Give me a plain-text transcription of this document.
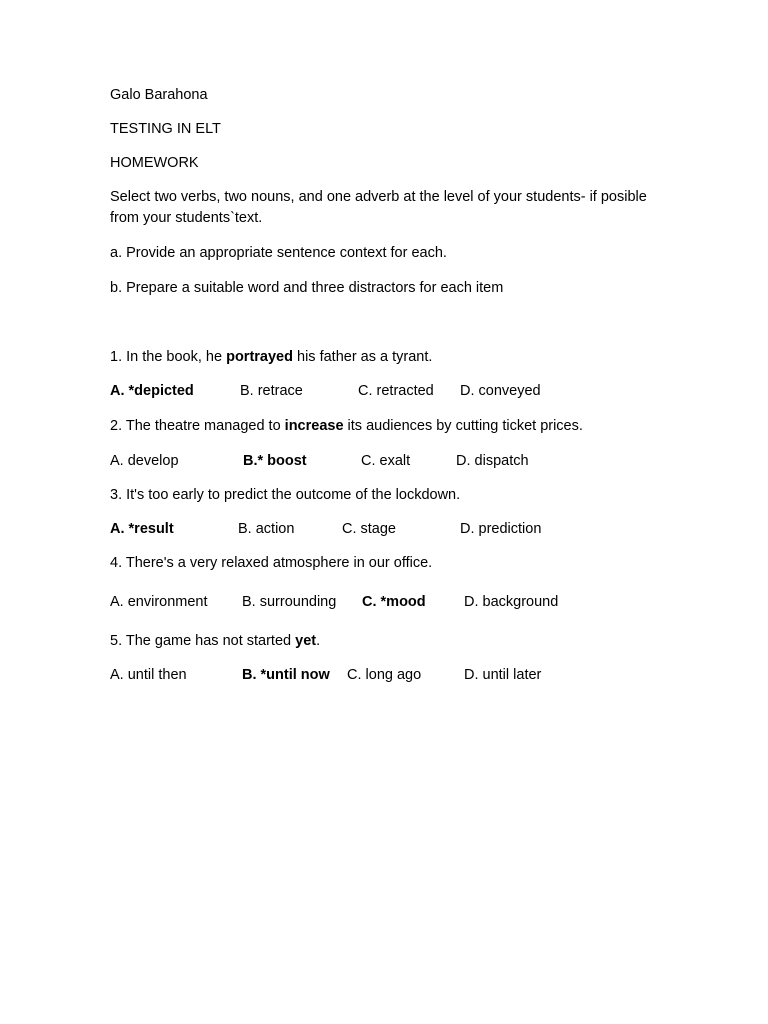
Galo Barahona

TESTING IN ELT

HOMEWORK

Select two verbs, two nouns, and one adverb at the level of your students- if posible from your students`text.

a. Provide an appropriate sentence context for each.

b. Prepare a suitable word and three distractors for each item

1. In the book, he portrayed his father as a tyrant.

A. *depicted	B. retrace	C. retracted D. conveyed

2. The theatre managed to increase its audiences by cutting ticket prices.

A. develop	B.* boost	C. exalt	D. dispatch

3. It's too early to predict the outcome of the lockdown.

A. *result	B. action	C. stage	D. prediction

4. There's a very relaxed atmosphere in our office.

A. environment B. surrounding C. *mood	D. background

5. The game has not started yet.

A. until then	B. *until now C. long ago	D. until later
